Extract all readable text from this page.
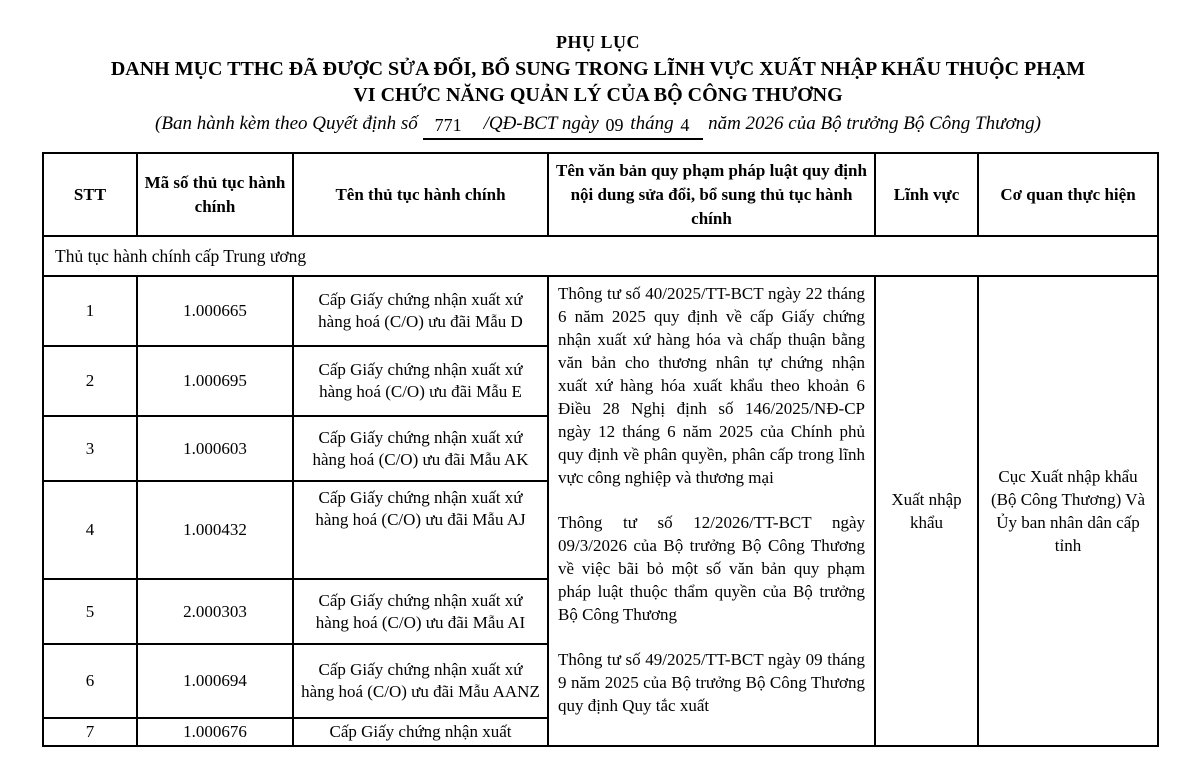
PHỤ LỤC
DANH MỤC TTHC ĐÃ ĐƯỢC SỬA ĐỔI, BỔ SUNG TRONG LĨNH VỰC XUẤT NHẬP KHẨU THUỘC PHẠM
VI CHỨC NĂNG QUẢN LÝ CỦA BỘ CÔNG THƯƠNG
(Ban hành kèm theo Quyết định số 771 /QĐ-BCT ngày 09 tháng 4 năm 2026 của Bộ trưởng Bộ Công Thương)
STT	Mã số thủ tục hành chính	Tên thủ tục hành chính	Tên văn bản quy phạm pháp luật quy định nội dung sửa đổi, bổ sung thủ tục hành chính	Lĩnh vực	Cơ quan thực hiện
Thủ tục hành chính cấp Trung ương					
1	1.000665	Cấp Giấy chứng nhận xuất xứ hàng hoá (C/O) ưu đãi Mẫu D	Thông tư số 40/2025/TT-BCT ngày 22 tháng 6 năm 2025 quy định về cấp Giấy chứng nhận xuất xứ hàng hóa và chấp thuận bằng văn bản cho thương nhân tự chứng nhận xuất xứ hàng hóa xuất khẩu theo khoản 6 Điều 28 Nghị định số 146/2025/NĐ-CP ngày 12 tháng 6 năm 2025 của Chính phủ quy định về phân quyền, phân cấp trong lĩnh vực công nghiệp và thương mại

Thông tư số 12/2026/TT-BCT ngày 09/3/2026 của Bộ trưởng Bộ Công Thương về việc bãi bỏ một số văn bản quy phạm pháp luật thuộc thẩm quyền của Bộ trưởng Bộ Công Thương

Thông tư số 49/2025/TT-BCT ngày 09 tháng 9 năm 2025 của Bộ trưởng Bộ Công Thương quy định Quy tắc xuất	Xuất nhập khẩu	Cục Xuất nhập khẩu (Bộ Công Thương) Và Ủy ban nhân dân cấp tỉnh
2	1.000695	Cấp Giấy chứng nhận xuất xứ hàng hoá (C/O) ưu đãi Mẫu E			
3	1.000603	Cấp Giấy chứng nhận xuất xứ hàng hoá (C/O) ưu đãi Mẫu AK			
4	1.000432	Cấp Giấy chứng nhận xuất xứ hàng hoá (C/O) ưu đãi Mẫu AJ			
5	2.000303	Cấp Giấy chứng nhận xuất xứ hàng hoá (C/O) ưu đãi Mẫu AI			
6	1.000694	Cấp Giấy chứng nhận xuất xứ hàng hoá (C/O) ưu đãi Mẫu AANZ			
7	1.000676	Cấp Giấy chứng nhận xuất			
